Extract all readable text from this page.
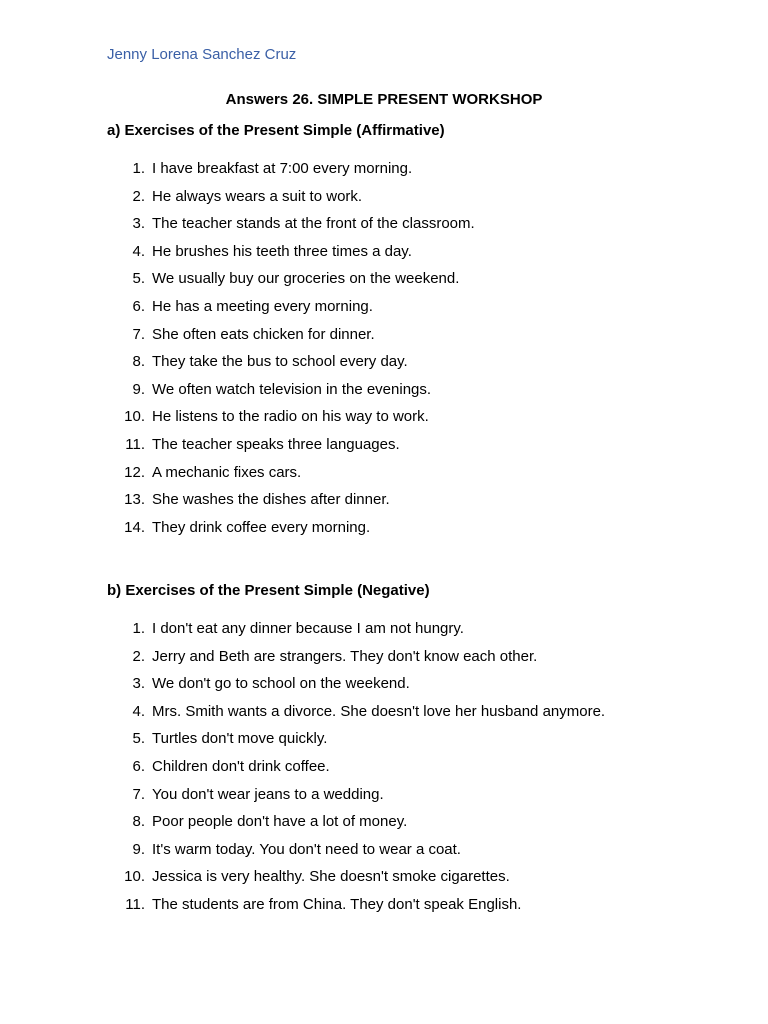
Jenny Lorena Sanchez Cruz
Answers 26. SIMPLE PRESENT WORKSHOP
a) Exercises of the Present Simple (Affirmative)
1. I have breakfast at 7:00 every morning.
2. He always wears a suit to work.
3. The teacher stands at the front of the classroom.
4. He brushes his teeth three times a day.
5. We usually buy our groceries on the weekend.
6. He has a meeting every morning.
7. She often eats chicken for dinner.
8. They take the bus to school every day.
9. We often watch television in the evenings.
10. He listens to the radio on his way to work.
11. The teacher speaks three languages.
12. A mechanic fixes cars.
13. She washes the dishes after dinner.
14. They drink coffee every morning.
b) Exercises of the Present Simple (Negative)
1. I don't eat any dinner because I am not hungry.
2. Jerry and Beth are strangers. They don't know each other.
3. We don't go to school on the weekend.
4. Mrs. Smith wants a divorce. She doesn't love her husband anymore.
5. Turtles don't move quickly.
6. Children don't drink coffee.
7. You don't wear jeans to a wedding.
8. Poor people don't have a lot of money.
9. It's warm today. You don't need to wear a coat.
10. Jessica is very healthy. She doesn't smoke cigarettes.
11. The students are from China. They don't speak English.
